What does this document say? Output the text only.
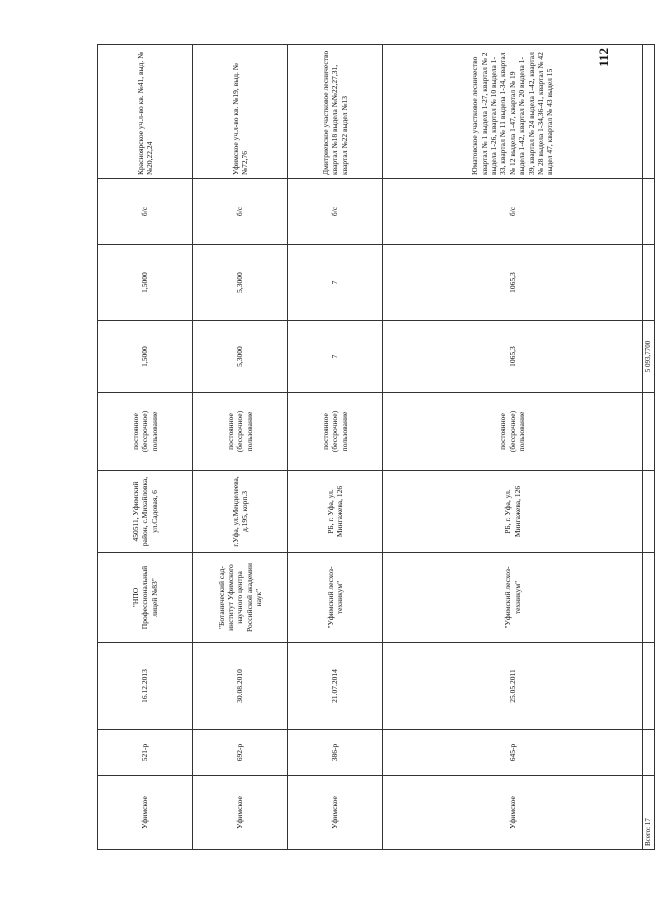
112
Уфимское	521-р	16.12.2013	"НПО Профессиональный лицей №83"	450511, Уфимский район, с.Михайловка, ул.Садовая, 6	постоянное (бессрочное) пользование	1,5000	1,5000	б/с	Красноярское уч.л-во кв. №41, выд. №№20,22,24
Уфимское	692-р	30.08.2010	"Ботанический сад-институт Уфимского научного центра Российской академии наук"	г.Уфа, ул.Менделеева, д.195, корп.3	постоянное (бессрочное) пользование	5,3000	5,3000	б/с	Уфимское уч.л-во кв. №19, выд. №№72,76
Уфимское	386-р	21.07.2014	"Уфимский лесхоз-техникум"	РБ, г. Уфа, ул. Мингажева, 126	постоянное (бессрочное) пользование	7	7	б/с	Дмитриевское участковое лесничество квартал №18 выдела №№22,27,31, квартал №22 выдел №13
Уфимское	645-р	25.05.2011	"Уфимский лесхоз-техникум"	РБ, г. Уфа, ул. Мингажева, 126	постоянное (бессрочное) пользование	1065,3	1065,3	б/с	Юматовское участковое лесничество квартал № 1 выдела 1-27, квартал № 2 выдела 1-26, квартал № 10 выдела 1-33, квартал № 11 выдела 1-34, квартал № 12 выдела 1-47, квартал № 19 выдела 1-42, квартал № 20 выдела 1-39, квартал № 24 выдела 1-42, квартал № 28 выдела 1-34,36-41, квартал № 42 выдел 47, квартал № 43 выдел 15
Всего: 17						5 093,7700			
